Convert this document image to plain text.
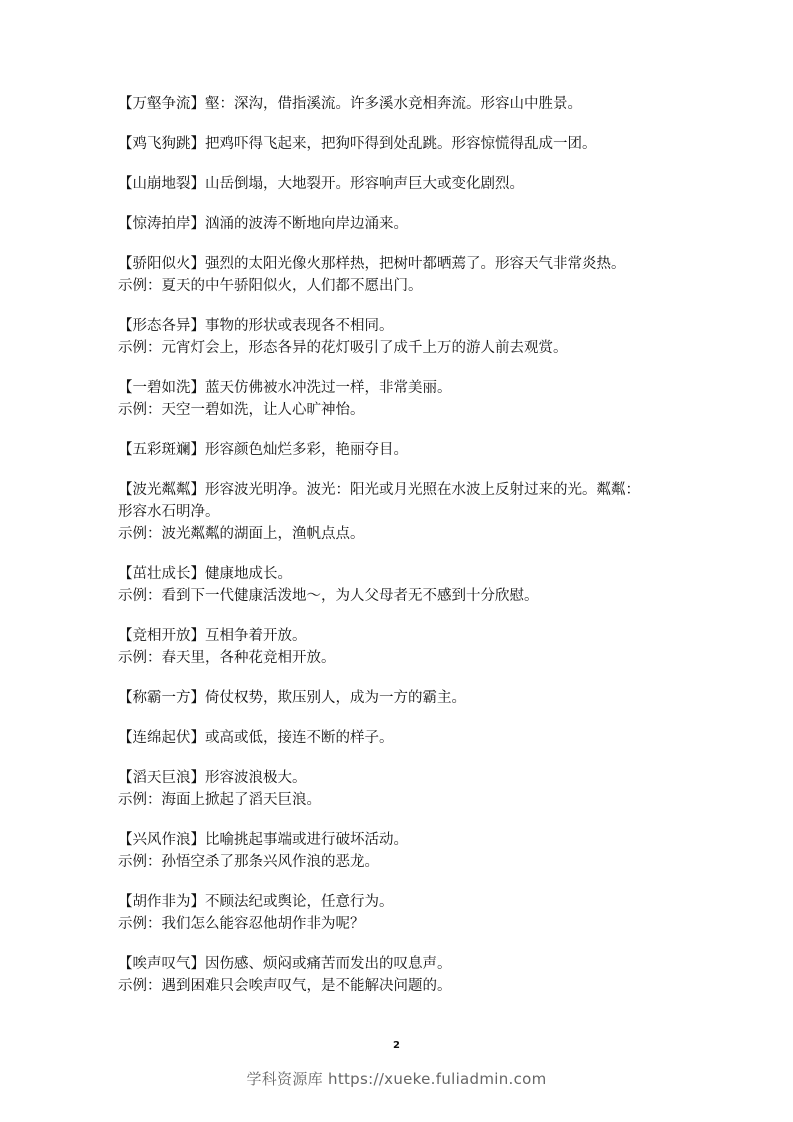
【万壑争流】壑：深沟，借指溪流。许多溪水竞相奔流。形容山中胜景。
【鸡飞狗跳】把鸡吓得飞起来，把狗吓得到处乱跳。形容惊慌得乱成一团。
【山崩地裂】山岳倒塌，大地裂开。形容响声巨大或变化剧烈。
【惊涛拍岸】汹涌的波涛不断地向岸边涌来。
【骄阳似火】强烈的太阳光像火那样热，把树叶都晒蔫了。形容天气非常炎热。
示例：夏天的中午骄阳似火，人们都不愿出门。
【形态各异】事物的形状或表现各不相同。
示例：元宵灯会上，形态各异的花灯吸引了成千上万的游人前去观赏。
【一碧如洗】蓝天仿佛被水冲洗过一样，非常美丽。
示例：天空一碧如洗，让人心旷神怡。
【五彩斑斓】形容颜色灿烂多彩，艳丽夺目。
【波光粼粼】形容波光明净。波光：阳光或月光照在水波上反射过来的光。粼粼：
形容水石明净。
示例：波光粼粼的湖面上，渔帆点点。
【茁壮成长】健康地成长。
示例：看到下一代健康活泼地～，为人父母者无不感到十分欣慰。
【竞相开放】互相争着开放。
示例：春天里，各种花竞相开放。
【称霸一方】倚仗权势，欺压别人，成为一方的霸主。
【连绵起伏】或高或低，接连不断的样子。
【滔天巨浪】形容波浪极大。
示例：海面上掀起了滔天巨浪。
【兴风作浪】比喻挑起事端或进行破坏活动。
示例：孙悟空杀了那条兴风作浪的恶龙。
【胡作非为】不顾法纪或舆论，任意行为。
示例：我们怎么能容忍他胡作非为呢？
【唉声叹气】因伤感、烦闷或痛苦而发出的叹息声。
示例：遇到困难只会唉声叹气，是不能解决问题的。
2
学科资源库 https://xueke.fuliadmin.com
